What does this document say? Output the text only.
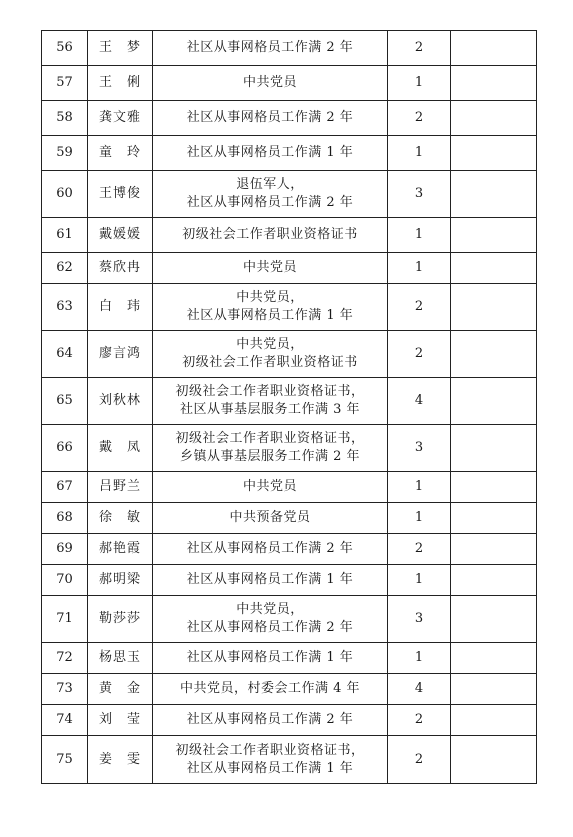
56	王　梦	社区从事网格员工作满 2 年	2	
57	王　俐	中共党员	1	
58	龚文雅	社区从事网格员工作满 2 年	2	
59	童　玲	社区从事网格员工作满 1 年	1	
60	王博俊	退伍军人，
社区从事网格员工作满 2 年	3	
61	戴媛媛	初级社会工作者职业资格证书	1	
62	蔡欣冉	中共党员	1	
63	白　玮	中共党员，
社区从事网格员工作满 1 年	2	
64	廖言鸿	中共党员，
初级社会工作者职业资格证书	2	
65	刘秋林	初级社会工作者职业资格证书，
社区从事基层服务工作满 3 年	4	
66	戴　凤	初级社会工作者职业资格证书，
乡镇从事基层服务工作满 2 年	3	
67	吕野兰	中共党员	1	
68	徐　敏	中共预备党员	1	
69	郝艳霞	社区从事网格员工作满 2 年	2	
70	郝明梁	社区从事网格员工作满 1 年	1	
71	勒莎莎	中共党员，
社区从事网格员工作满 2 年	3	
72	杨思玉	社区从事网格员工作满 1 年	1	
73	黄　金	中共党员，村委会工作满 4 年	4	
74	刘　莹	社区从事网格员工作满 2 年	2	
75	姜　雯	初级社会工作者职业资格证书，
社区从事网格员工作满 1 年	2	
